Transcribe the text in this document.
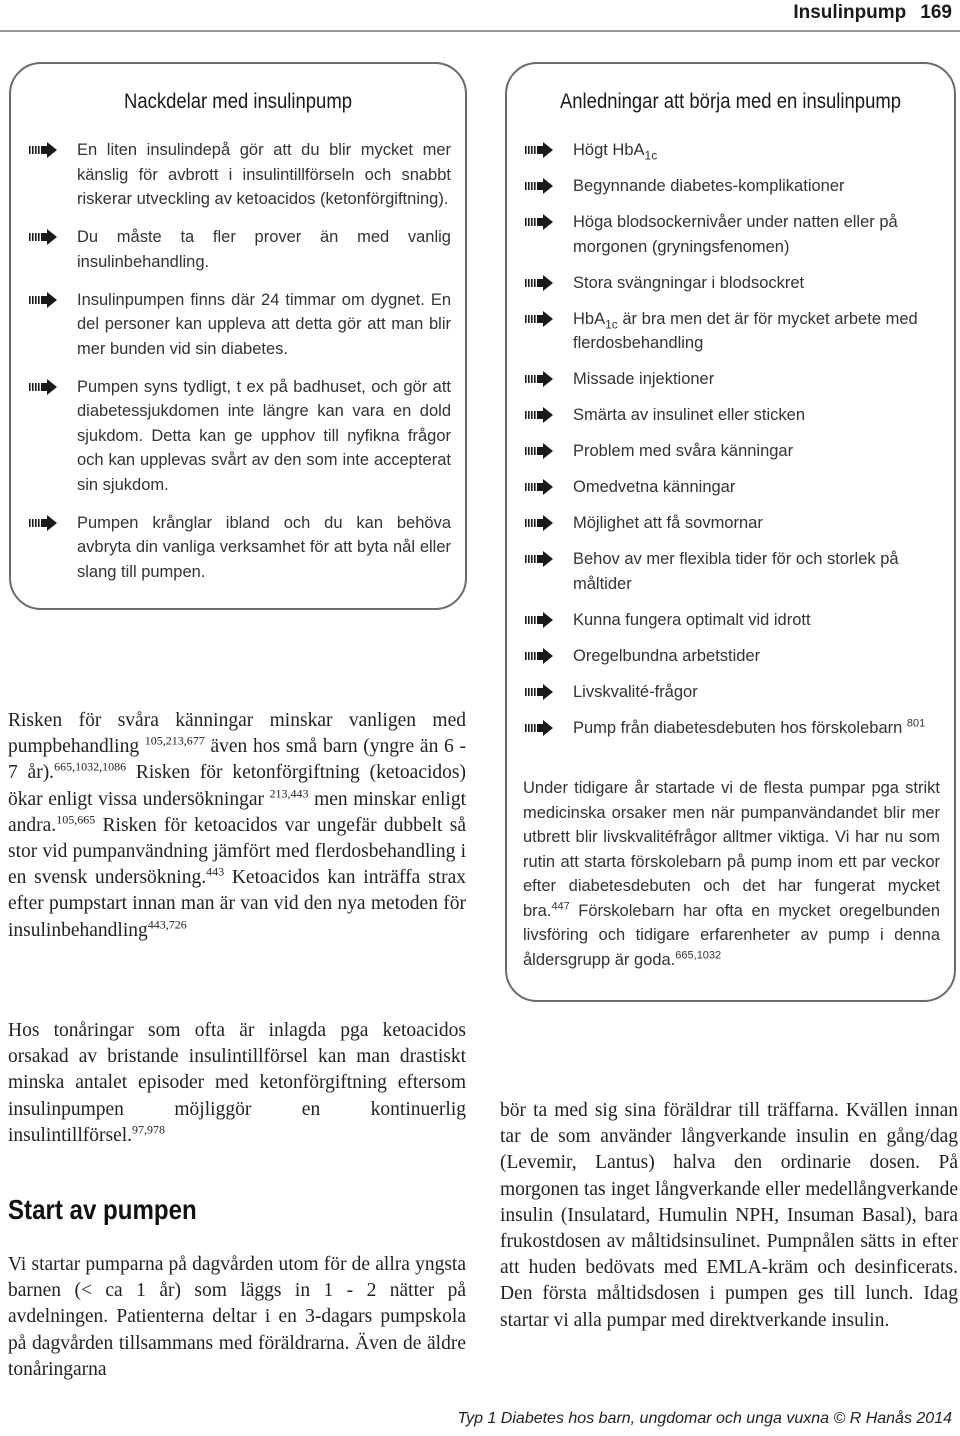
Insulinpump 169
Nackdelar med insulinpump
En liten insulindepå gör att du blir mycket mer känslig för avbrott i insulintillförseln och snabbt riskerar utveckling av ketoacidos (ketonförgiftning).
Du måste ta fler prover än med vanlig insulinbehandling.
Insulinpumpen finns där 24 timmar om dygnet. En del personer kan uppleva att detta gör att man blir mer bunden vid sin diabetes.
Pumpen syns tydligt, t ex på badhuset, och gör att diabetessjukdomen inte längre kan vara en dold sjukdom. Detta kan ge upphov till nyfikna frågor och kan upplevas svårt av den som inte accepterat sin sjukdom.
Pumpen krånglar ibland och du kan behöva avbryta din vanliga verksamhet för att byta nål eller slang till pumpen.
Anledningar att börja med en insulinpump
Högt HbA$_{1c}$
Begynnande diabetes-komplikationer
Höga blodsockernivåer under natten eller på morgonen (gryningsfenomen)
Stora svängningar i blodsockret
HbA$_{1c}$ är bra men det är för mycket arbete med flerdosbehandling
Missade injektioner
Smärta av insulinet eller sticken
Problem med svåra känningar
Omedvetna känningar
Möjlighet att få sovmornar
Behov av mer flexibla tider för och storlek på måltider
Kunna fungera optimalt vid idrott
Oregelbundna arbetstider
Livskvalité-frågor
Pump från diabetesdebuten hos förskolebarn $^{801}$

Under tidigare år startade vi de flesta pumpar pga strikt medicinska orsaker men när pumpanvändandet blir mer utbrett blir livskvalitéfrågor alltmer viktiga. Vi har nu som rutin att starta förskolebarn på pump inom ett par veckor efter diabetesdebuten och det har fungerat mycket bra.$^{447}$ Förskolebarn har ofta en mycket oregelbunden livsföring och tidigare erfarenheter av pump i denna åldersgrupp är goda.$^{665,1032}$

Risken för svåra känningar minskar vanligen med pumpbehandling $^{105,213,677}$ även hos små barn (yngre än 6 - 7 år).$^{665,1032,1086}$ Risken för ketonförgiftning (ketoacidos) ökar enligt vissa undersökningar $^{213,443}$ men minskar enligt andra.$^{105,665}$ Risken för ketoacidos var ungefär dubbelt så stor vid pumpanvändning jämfört med flerdosbehandling i en svensk undersökning.$^{443}$ Ketoacidos kan inträffa strax efter pumpstart innan man är van vid den nya metoden för insulinbehandling$^{443,726}$

Hos tonåringar som ofta är inlagda pga ketoacidos orsakad av bristande insulintillförsel kan man drastiskt minska antalet episoder med ketonförgiftning eftersom insulinpumpen möjliggör en kontinuerlig insulintillförsel.$^{97,978}$

Start av pumpen

Vi startar pumparna på dagvården utom för de allra yngsta barnen (< ca 1 år) som läggs in 1 - 2 nätter på avdelningen. Patienterna deltar i en 3-dagars pumpskola på dagvården tillsammans med föräldrarna. Även de äldre tonåringarna

bör ta med sig sina föräldrar till träffarna. Kvällen innan tar de som använder långverkande insulin en gång/dag (Levemir, Lantus) halva den ordinarie dosen. På morgonen tas inget långverkande eller medellångverkande insulin (Insulatard, Humulin NPH, Insuman Basal), bara frukostdosen av måltidsinsulinet. Pumpnålen sätts in efter att huden bedövats med EMLA-kräm och desinficerats. Den första måltidsdosen i pumpen ges till lunch. Idag startar vi alla pumpar med direktverkande insulin.

Typ 1 Diabetes hos barn, ungdomar och unga vuxna © R Hanås 2014
